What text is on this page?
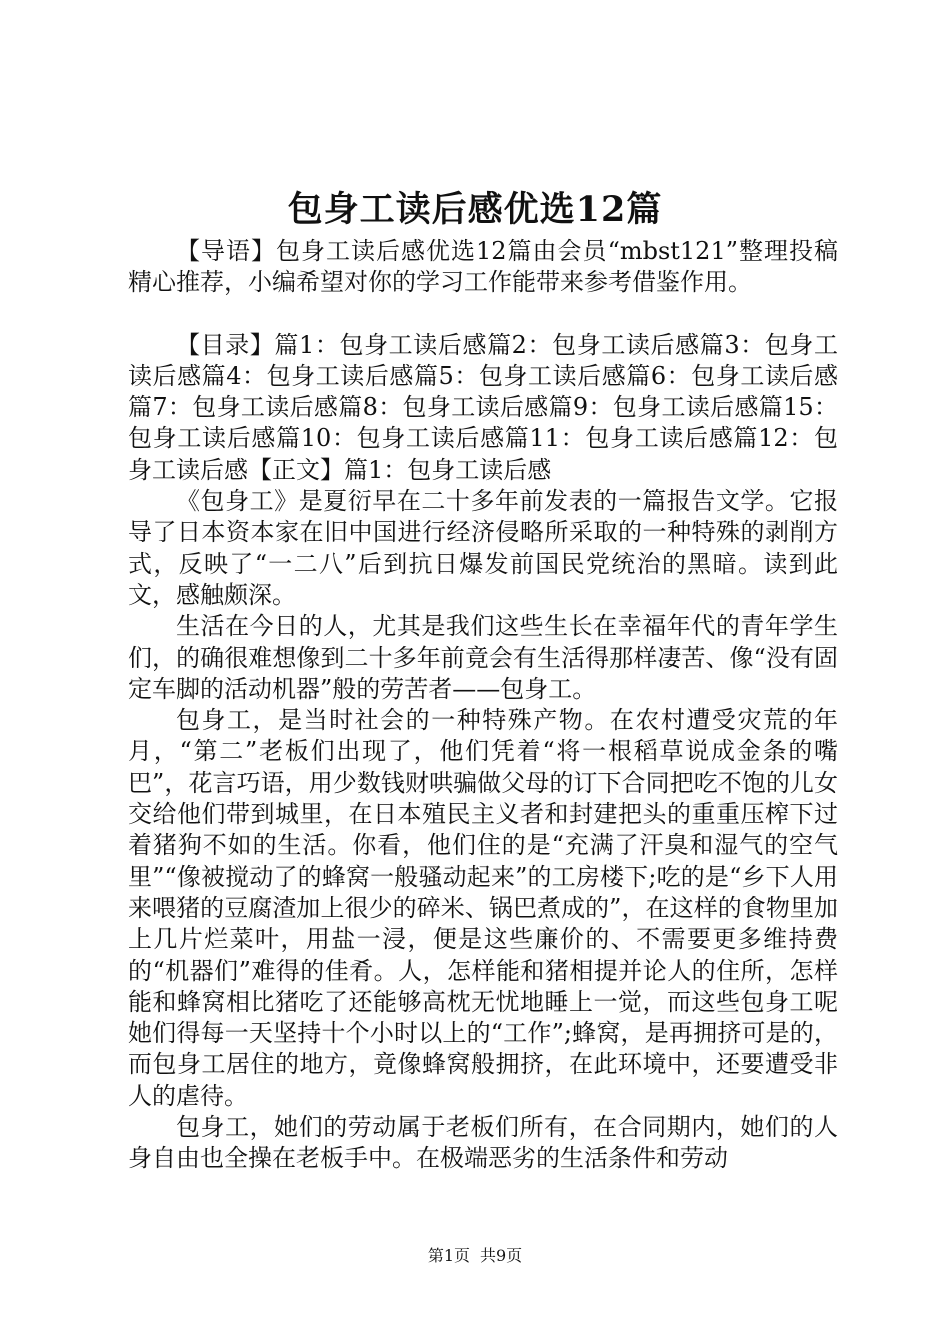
包身工读后感优选12篇

【导语】包身工读后感优选12篇由会员“mbst121”整理投稿精心推荐，小编希望对你的学习工作能带来参考借鉴作用。

【目录】篇1：包身工读后感篇2：包身工读后感篇3：包身工读后感篇4：包身工读后感篇5：包身工读后感篇6：包身工读后感篇7：包身工读后感篇8：包身工读后感篇9：包身工读后感篇15：包身工读后感篇10：包身工读后感篇11：包身工读后感篇12：包身工读后感【正文】篇1：包身工读后感

《包身工》是夏衍早在二十多年前发表的一篇报告文学。它报导了日本资本家在旧中国进行经济侵略所采取的一种特殊的剥削方式，反映了“一二八”后到抗日爆发前国民党统治的黑暗。读到此文，感触颇深。

生活在今日的人，尤其是我们这些生长在幸福年代的青年学生们，的确很难想像到二十多年前竟会有生活得那样凄苦、像“没有固定车脚的活动机器”般的劳苦者——包身工。

包身工，是当时社会的一种特殊产物。在农村遭受灾荒的年月，“第二”老板们出现了，他们凭着“将一根稻草说成金条的嘴巴”，花言巧语，用少数钱财哄骗做父母的订下合同把吃不饱的儿女交给他们带到城里，在日本殖民主义者和封建把头的重重压榨下过着猪狗不如的生活。你看，他们住的是“充满了汗臭和湿气的空气里”“像被搅动了的蜂窝一般骚动起来”的工房楼下;吃的是“乡下人用来喂猪的豆腐渣加上很少的碎米、锅巴煮成的”，在这样的食物里加上几片烂菜叶，用盐一浸，便是这些廉价的、不需要更多维持费的“机器们”难得的佳肴。人，怎样能和猪相提并论人的住所，怎样能和蜂窝相比猪吃了还能够高枕无忧地睡上一觉，而这些包身工呢她们得每一天坚持十个小时以上的“工作”;蜂窝，是再拥挤可是的，而包身工居住的地方，竟像蜂窝般拥挤，在此环境中，还要遭受非人的虐待。

包身工，她们的劳动属于老板们所有，在合同期内，她们的人身自由也全操在老板手中。在极端恶劣的生活条件和劳动

第1页 共9页
